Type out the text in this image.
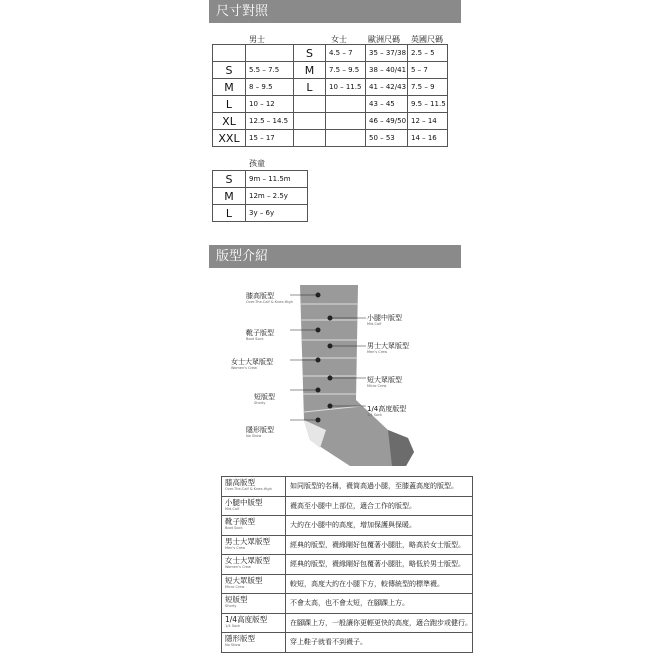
尺寸對照
男士	女士	歐洲尺碼 英國尺碼
		S	4.5 – 7	35 – 37/38	2.5 – 5
S	5.5 – 7.5	M	7.5 – 9.5	38 – 40/41	5 – 7
M	8 – 9.5	L	10 – 11.5	41 – 42/43	7.5 – 9
L	10 – 12			43 – 45	9.5 – 11.5
XL	12.5 – 14.5			46 – 49/50	12 – 14
XXL	15 – 17			50 – 53	14 – 16
孩童
S	9m – 11.5m
M	12m – 2.5y
L	3y – 6y
版型介紹
膝高版型
Over-The-Calf & Knee-High
靴子版型
Boot Sock
女士大眾版型
Women's Crew
短版型
Shorty
隱形版型
No Show
小腿中版型
Mid-Calf
男士大眾版型
Men's Crew
短大眾版型
Micro Crew
1/4高度版型
1/4 Sock
膝高版型
Over-The-Calf & Knee-High	如同版型的名稱，襪筒高過小腿，至膝蓋高度的版型。

小腿中版型
Mid-Calf	襪高至小腿中上部位，適合工作的版型。

靴子版型
Boot Sock	大約在小腿中的高度，增加保護與保暖。

男士大眾版型
Men's Crew	經典的版型，襪緣剛好包覆著小腿肚，略高於女士版型。

女士大眾版型
Women's Crew	經典的版型，襪緣剛好包覆著小腿肚，略低於男士版型。

短大眾版型
Micro Crew	較短，高度大約在小腿下方，較傳統型的標準襪。

短版型
Shorty	不會太高，也不會太短，在腳踝上方。

1/4高度版型
1/4 Sock	在腳踝上方，一般讓你更輕更快的高度，適合跑步或健行。

隱形版型
No Show	穿上鞋子就看不到襪子。
